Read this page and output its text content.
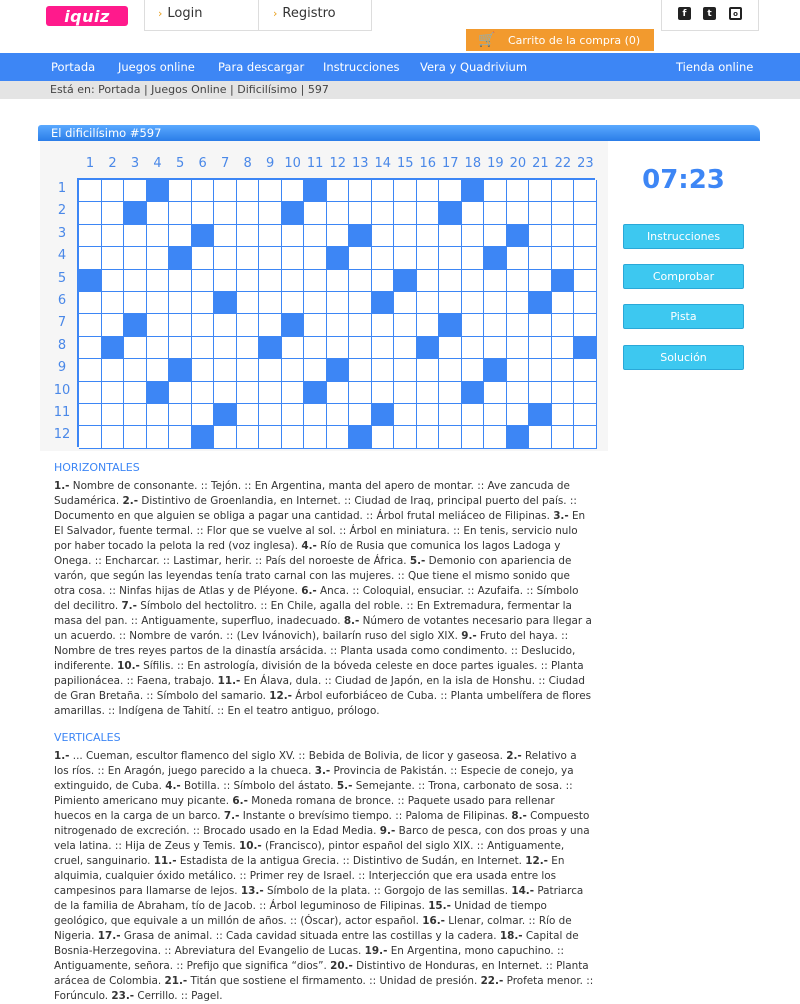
iquiz	› Login	› Registro	f	t	o
🛒	Carrito de la compra (0)
Portada Juegos online Para descargar Instrucciones Vera y Quadrivium	Tienda online
Está en: Portada | Juegos Online | Dificilísimo | 597
El dificilísimo #597
1	2	3	4	5	6	7	8	9 10 11 12 13 14 15 16 17 18 19 20 21 22 23
1
2
3
4
5
6
7
8
9
10
11
12
07:23
Instrucciones
Comprobar
Pista
Solución
HORIZONTALES
1.- Nombre de consonante. :: Tejón. :: En Argentina, manta del apero de montar. :: Ave zancuda de Sudamérica. 2.- Distintivo de Groenlandia, en Internet. :: Ciudad de Iraq, principal puerto del país. :: Documento en que alguien se obliga a pagar una cantidad. :: Árbol frutal meliáceo de Filipinas. 3.- En El Salvador, fuente termal. :: Flor que se vuelve al sol. :: Árbol en miniatura. :: En tenis, servicio nulo por haber tocado la pelota la red (voz inglesa). 4.- Río de Rusia que comunica los lagos Ladoga y Onega. :: Encharcar. :: Lastimar, herir. :: País del noroeste de África. 5.- Demonio con apariencia de varón, que según las leyendas tenía trato carnal con las mujeres. :: Que tiene el mismo sonido que otra cosa. :: Ninfas hijas de Atlas y de Pléyone. 6.- Anca. :: Coloquial, ensuciar. :: Azufaifa. :: Símbolo del decilitro. 7.- Símbolo del hectolitro. :: En Chile, agalla del roble. :: En Extremadura, fermentar la masa del pan. :: Antiguamente, superfluo, inadecuado. 8.- Número de votantes necesario para llegar a un acuerdo. :: Nombre de varón. :: (Lev Ivánovich), bailarín ruso del siglo XIX. 9.- Fruto del haya. :: Nombre de tres reyes partos de la dinastía arsácida. :: Planta usada como condimento. :: Deslucido, indiferente. 10.- Sífilis. :: En astrología, división de la bóveda celeste en doce partes iguales. :: Planta papilionácea. :: Faena, trabajo. 11.- En Álava, dula. :: Ciudad de Japón, en la isla de Honshu. :: Ciudad de Gran Bretaña. :: Símbolo del samario. 12.- Árbol euforbiáceo de Cuba. :: Planta umbelífera de flores amarillas. :: Indígena de Tahití. :: En el teatro antiguo, prólogo.
VERTICALES
1.- ... Cueman, escultor flamenco del siglo XV. :: Bebida de Bolivia, de licor y gaseosa. 2.- Relativo a los ríos. :: En Aragón, juego parecido a la chueca. 3.- Provincia de Pakistán. :: Especie de conejo, ya extinguido, de Cuba. 4.- Botilla. :: Símbolo del ástato. 5.- Semejante. :: Trona, carbonato de sosa. :: Pimiento americano muy picante. 6.- Moneda romana de bronce. :: Paquete usado para rellenar huecos en la carga de un barco. 7.- Instante o brevísimo tiempo. :: Paloma de Filipinas. 8.- Compuesto nitrogenado de excreción. :: Brocado usado en la Edad Media. 9.- Barco de pesca, con dos proas y una vela latina. :: Hija de Zeus y Temis. 10.- (Francisco), pintor español del siglo XIX. :: Antiguamente, cruel, sanguinario. 11.- Estadista de la antigua Grecia. :: Distintivo de Sudán, en Internet. 12.- En alquimia, cualquier óxido metálico. :: Primer rey de Israel. :: Interjección que era usada entre los campesinos para llamarse de lejos. 13.- Símbolo de la plata. :: Gorgojo de las semillas. 14.- Patriarca de la familia de Abraham, tío de Jacob. :: Árbol leguminoso de Filipinas. 15.- Unidad de tiempo geológico, que equivale a un millón de años. :: (Óscar), actor español. 16.- Llenar, colmar. :: Río de Nigeria. 17.- Grasa de animal. :: Cada cavidad situada entre las costillas y la cadera. 18.- Capital de Bosnia-Herzegovina. :: Abreviatura del Evangelio de Lucas. 19.- En Argentina, mono capuchino. :: Antiguamente, señora. :: Prefijo que significa “dios”. 20.- Distintivo de Honduras, en Internet. :: Planta arácea de Colombia. 21.- Titán que sostiene el firmamento. :: Unidad de presión. 22.- Profeta menor. :: Forúnculo. 23.- Cerrillo. :: Pagel.
